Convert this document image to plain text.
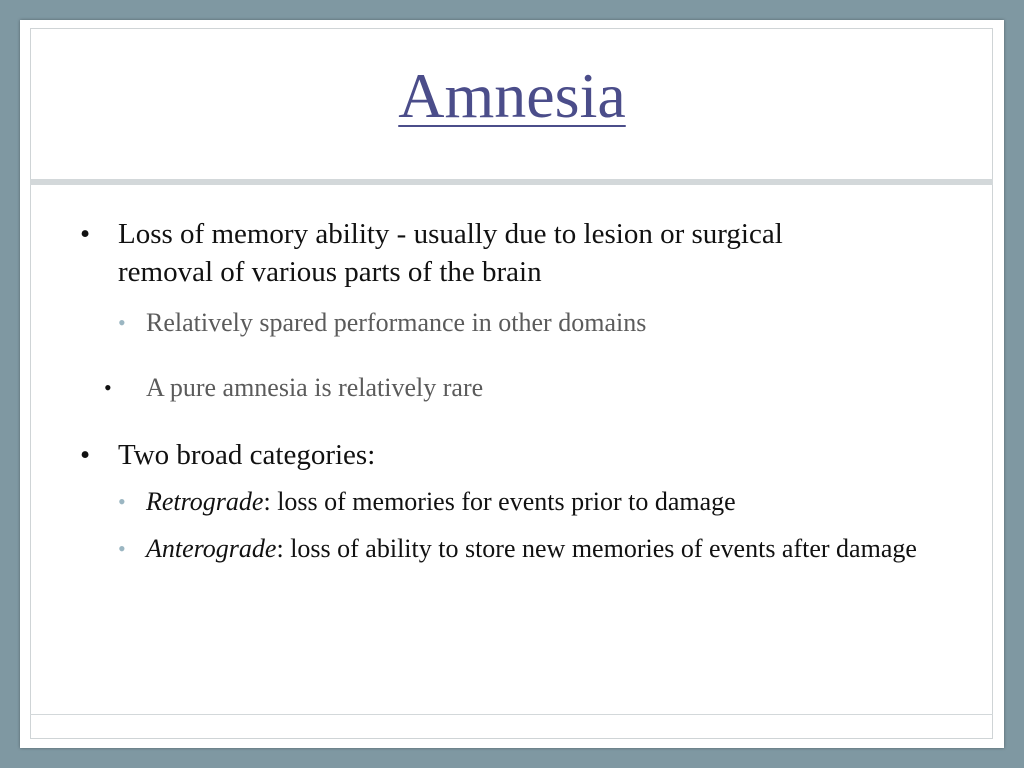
Amnesia
• Loss of memory ability - usually due to lesion or surgical removal of various parts of the brain
• Relatively spared performance in other domains
•	A pure amnesia is relatively rare
• Two broad categories:
• Retrograde: loss of memories for events prior to damage
• Anterograde: loss of ability to store new memories of events after damage
